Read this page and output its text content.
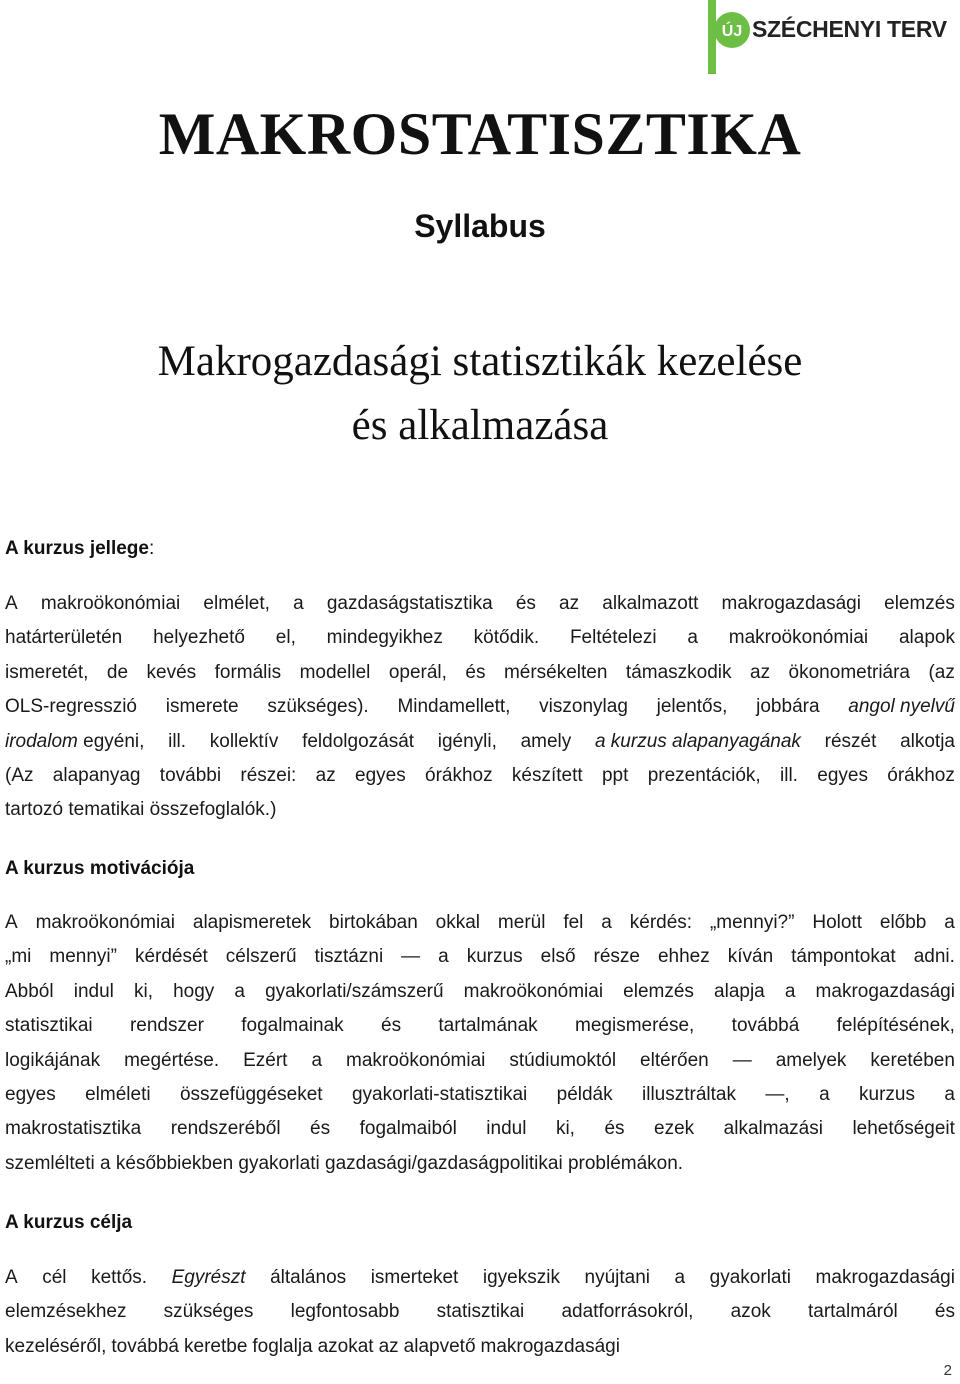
ÚJ SZÉCHENYI TERV
MAKROSTATISZTIKA
Syllabus
Makrogazdasági statisztikák kezelése
és alkalmazása
A kurzus jellege:
A makroökonómiai elmélet, a gazdaságstatisztika és az alkalmazott makrogazdasági elemzés
határterületén helyezhető el, mindegyikhez kötődik. Feltételezi a makroökonómiai alapok
ismeretét, de kevés formális modellel operál, és mérsékelten támaszkodik az ökonometriára (az
OLS-regresszió ismerete szükséges). Mindamellett, viszonylag jelentős, jobbára angol nyelvű
irodalom egyéni, ill. kollektív feldolgozását igényli, amely a kurzus alapanyagának részét alkotja
(Az alapanyag további részei: az egyes órákhoz készített ppt prezentációk, ill. egyes órákhoz
tartozó tematikai összefoglalók.)
A kurzus motivációja
A makroökonómiai alapismeretek birtokában okkal merül fel a kérdés: „mennyi?” Holott előbb a
„mi mennyi” kérdését célszerű tisztázni — a kurzus első része ehhez kíván támpontokat adni.
Abból indul ki, hogy a gyakorlati/számszerű makroökonómiai elemzés alapja a makrogazdasági
statisztikai rendszer fogalmainak és tartalmának megismerése, továbbá felépítésének,
logikájának megértése. Ezért a makroökonómiai stúdiumoktól eltérően — amelyek keretében
egyes elméleti összefüggéseket gyakorlati-statisztikai példák illusztráltak —, a kurzus a
makrostatisztika rendszeréből és fogalmaiból indul ki, és ezek alkalmazási lehetőségeit
szemlélteti a későbbiekben gyakorlati gazdasági/gazdaságpolitikai problémákon.
A kurzus célja
A cél kettős. Egyrészt általános ismerteket igyekszik nyújtani a gyakorlati makrogazdasági
elemzésekhez szükséges legfontosabb statisztikai adatforrásokról, azok tartalmáról és
kezeléséről, továbbá keretbe foglalja azokat az alapvető makrogazdasági
2
